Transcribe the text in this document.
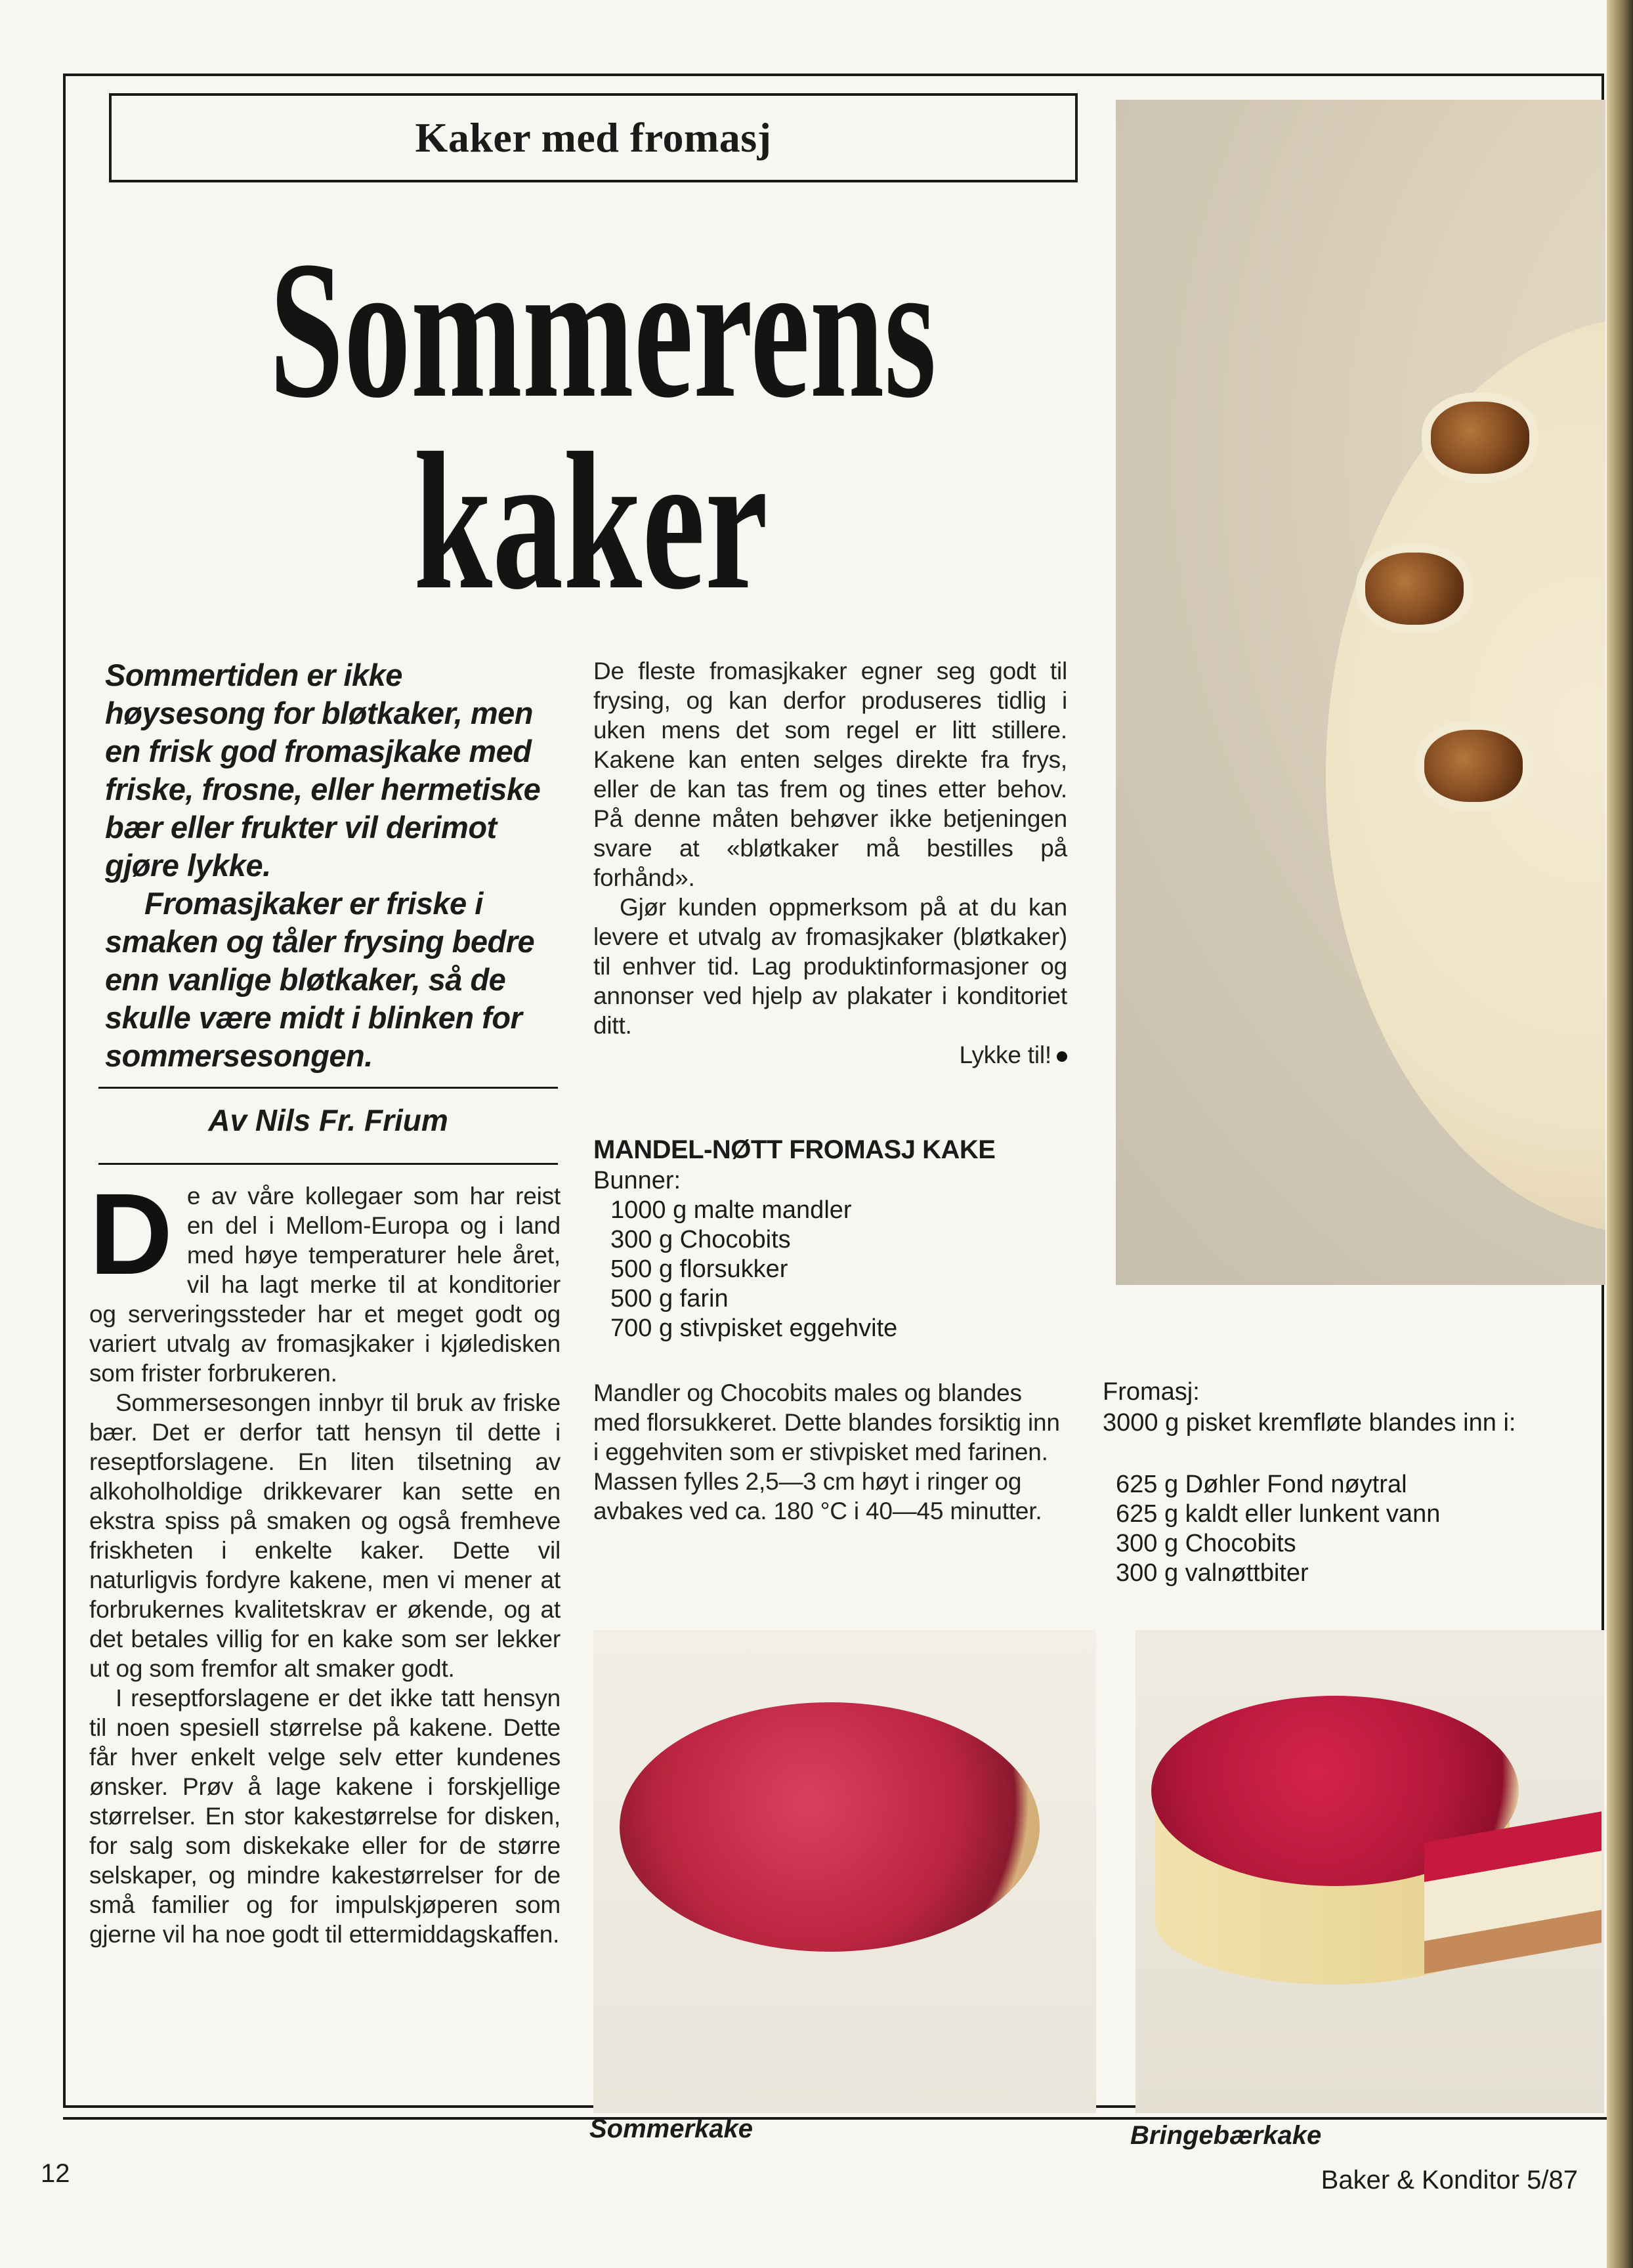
Kaker med fromasj
Sommerens
kaker

Sommertiden er ikke høysesong for bløtkaker, men en frisk god fromasjkake med friske, frosne, eller hermetiske bær eller frukter vil derimot gjøre lykke.

Fromasjkaker er friske i smaken og tåler frysing bedre enn vanlige bløtkaker, så de skulle være midt i blinken for sommersesongen.

Av Nils Fr. Frium

De av våre kollegaer som har reist en del i Mellom-Europa og i land med høye temperaturer hele året, vil ha lagt merke til at konditorier og serveringssteder har et meget godt og variert utvalg av fromasjkaker i kjøledisken som frister forbrukeren.

Sommersesongen innbyr til bruk av friske bær. Det er derfor tatt hensyn til dette i reseptforslagene. En liten tilsetning av alkoholholdige drikkevarer kan sette en ekstra spiss på smaken og også fremheve friskheten i enkelte kaker. Dette vil naturligvis fordyre kakene, men vi mener at forbrukernes kvalitetskrav er økende, og at det betales villig for en kake som ser lekker ut og som fremfor alt smaker godt.

I reseptforslagene er det ikke tatt hensyn til noen spesiell størrelse på kakene. Dette får hver enkelt velge selv etter kundenes ønsker. Prøv å lage kakene i forskjellige størrelser. En stor kakestørrelse for disken, for salg som diskekake eller for de større selskaper, og mindre kakestørrelser for de små familier og for impulskjøperen som gjerne vil ha noe godt til ettermiddagskaffen.

De fleste fromasjkaker egner seg godt til frysing, og kan derfor produseres tidlig i uken mens det som regel er litt stillere. Kakene kan enten selges direkte fra frys, eller de kan tas frem og tines etter behov. På denne måten behøver ikke betjeningen svare at «bløtkaker må bestilles på forhånd».

Gjør kunden oppmerksom på at du kan levere et utvalg av fromasjkaker (bløtkaker) til enhver tid. Lag produktinformasjoner og annonser ved hjelp av plakater i konditoriet ditt.

Lykke til!
MANDEL-NØTT FROMASJ KAKE
Bunner:
1000 g malte mandler
300 g Chocobits
500 g florsukker
500 g farin
700 g stivpisket eggehvite

Mandler og Chocobits males og blandes med florsukkeret. Dette blandes forsiktig inn i eggehviten som er stivpisket med farinen.

Massen fylles 2,5—3 cm høyt i ringer og avbakes ved ca. 180 °C i 40—45 minutter.

Fromasj:
3000 g pisket kremfløte blandes inn i:
625 g Døhler Fond nøytral
625 g kaldt eller lunkent vann
300 g Chocobits
300 g valnøttbiter
Sommerkake	Bringebærkake
12	Baker & Konditor 5/87
